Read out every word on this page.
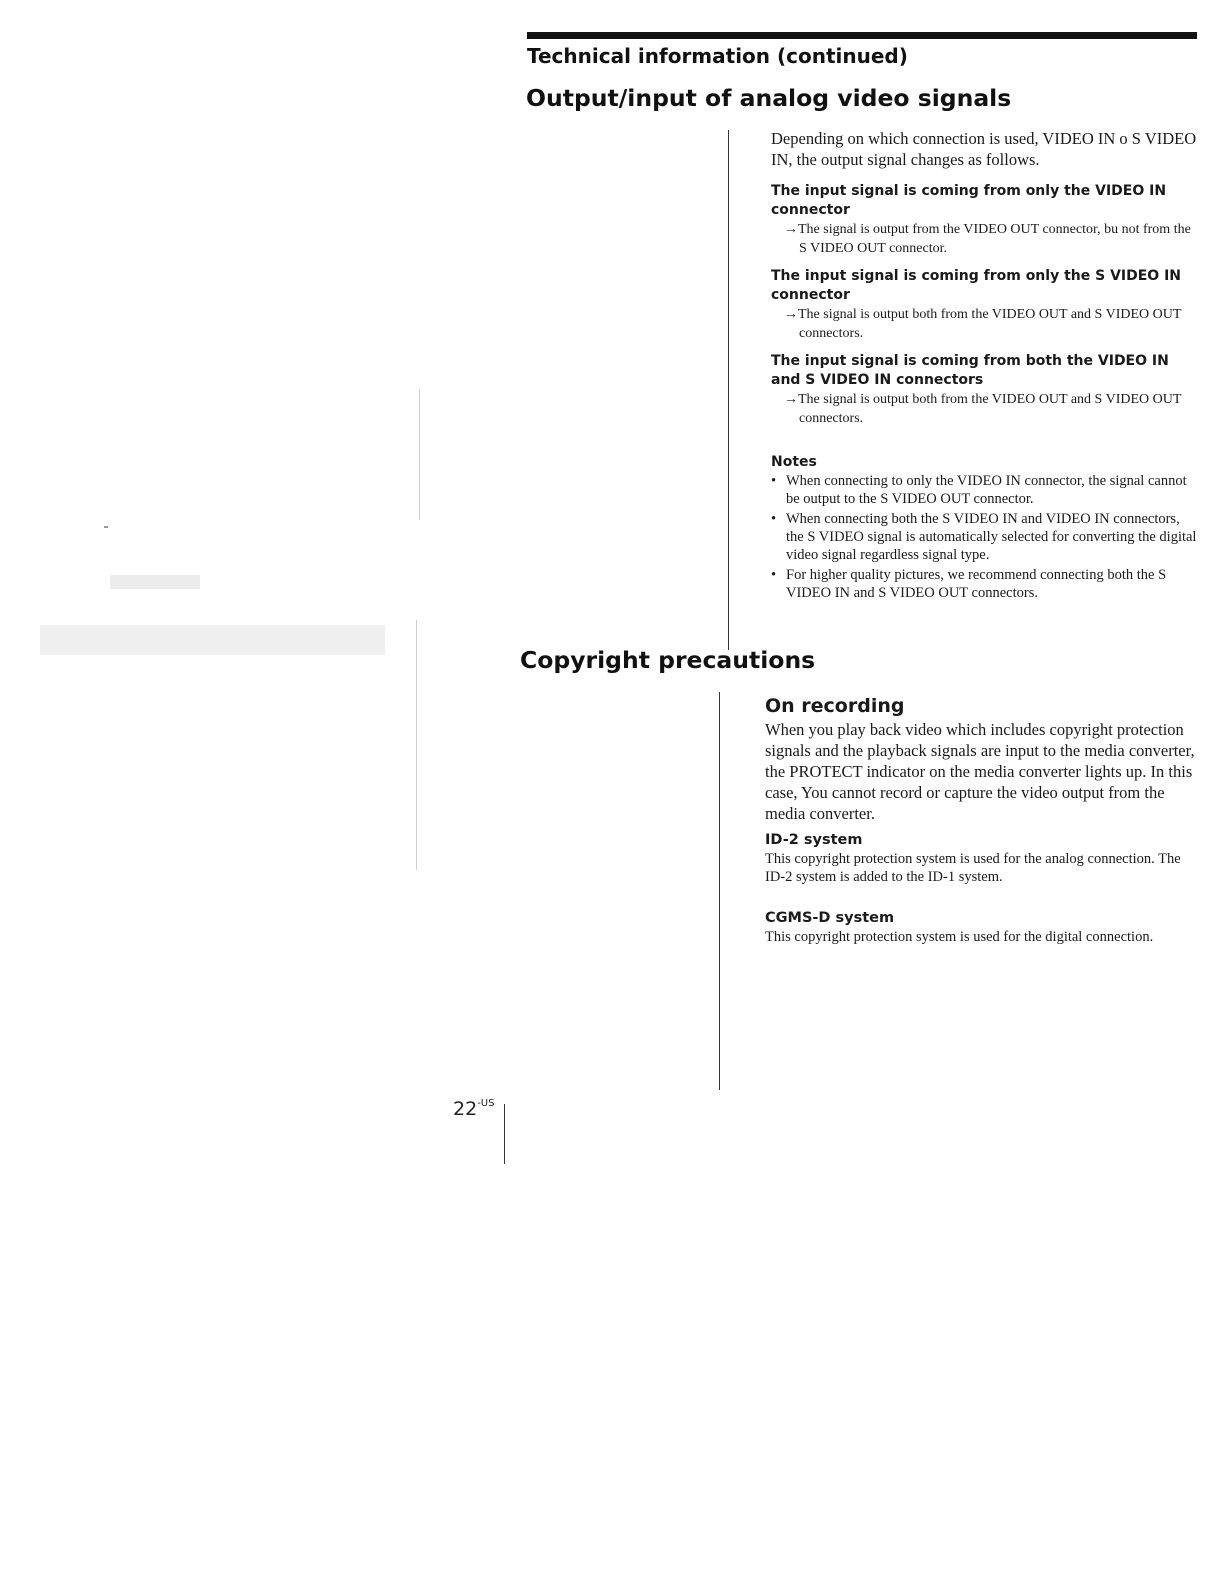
Technical information (continued)
Output/input of analog video signals

Depending on which connection is used, VIDEO IN o S VIDEO IN, the output signal changes as follows.

The input signal is coming from only the VIDEO IN connector

→The signal is output from the VIDEO OUT connector, bu not from the S VIDEO OUT connector.

The input signal is coming from only the S VIDEO IN connector

→The signal is output both from the VIDEO OUT and S VIDEO OUT connectors.

The input signal is coming from both the VIDEO IN and S VIDEO IN connectors

→The signal is output both from the VIDEO OUT and S VIDEO OUT connectors.

Notes

• When connecting to only the VIDEO IN connector, the signal cannot be output to the S VIDEO OUT connector.
• When connecting both the S VIDEO IN and VIDEO IN connectors, the S VIDEO signal is automatically selected for converting the digital video signal regardless signal type.
• For higher quality pictures, we recommend connecting both the S VIDEO IN and S VIDEO OUT connectors.
Copyright precautions

On recording

When you play back video which includes copyright protection signals and the playback signals are input to the media converter, the PROTECT indicator on the media converter lights up. In this case, You cannot record or capture the video output from the media converter.

ID-2 system

This copyright protection system is used for the analog connection. The ID-2 system is added to the ID-1 system.

CGMS-D system

This copyright protection system is used for the digital connection.

$22^{-US}$
